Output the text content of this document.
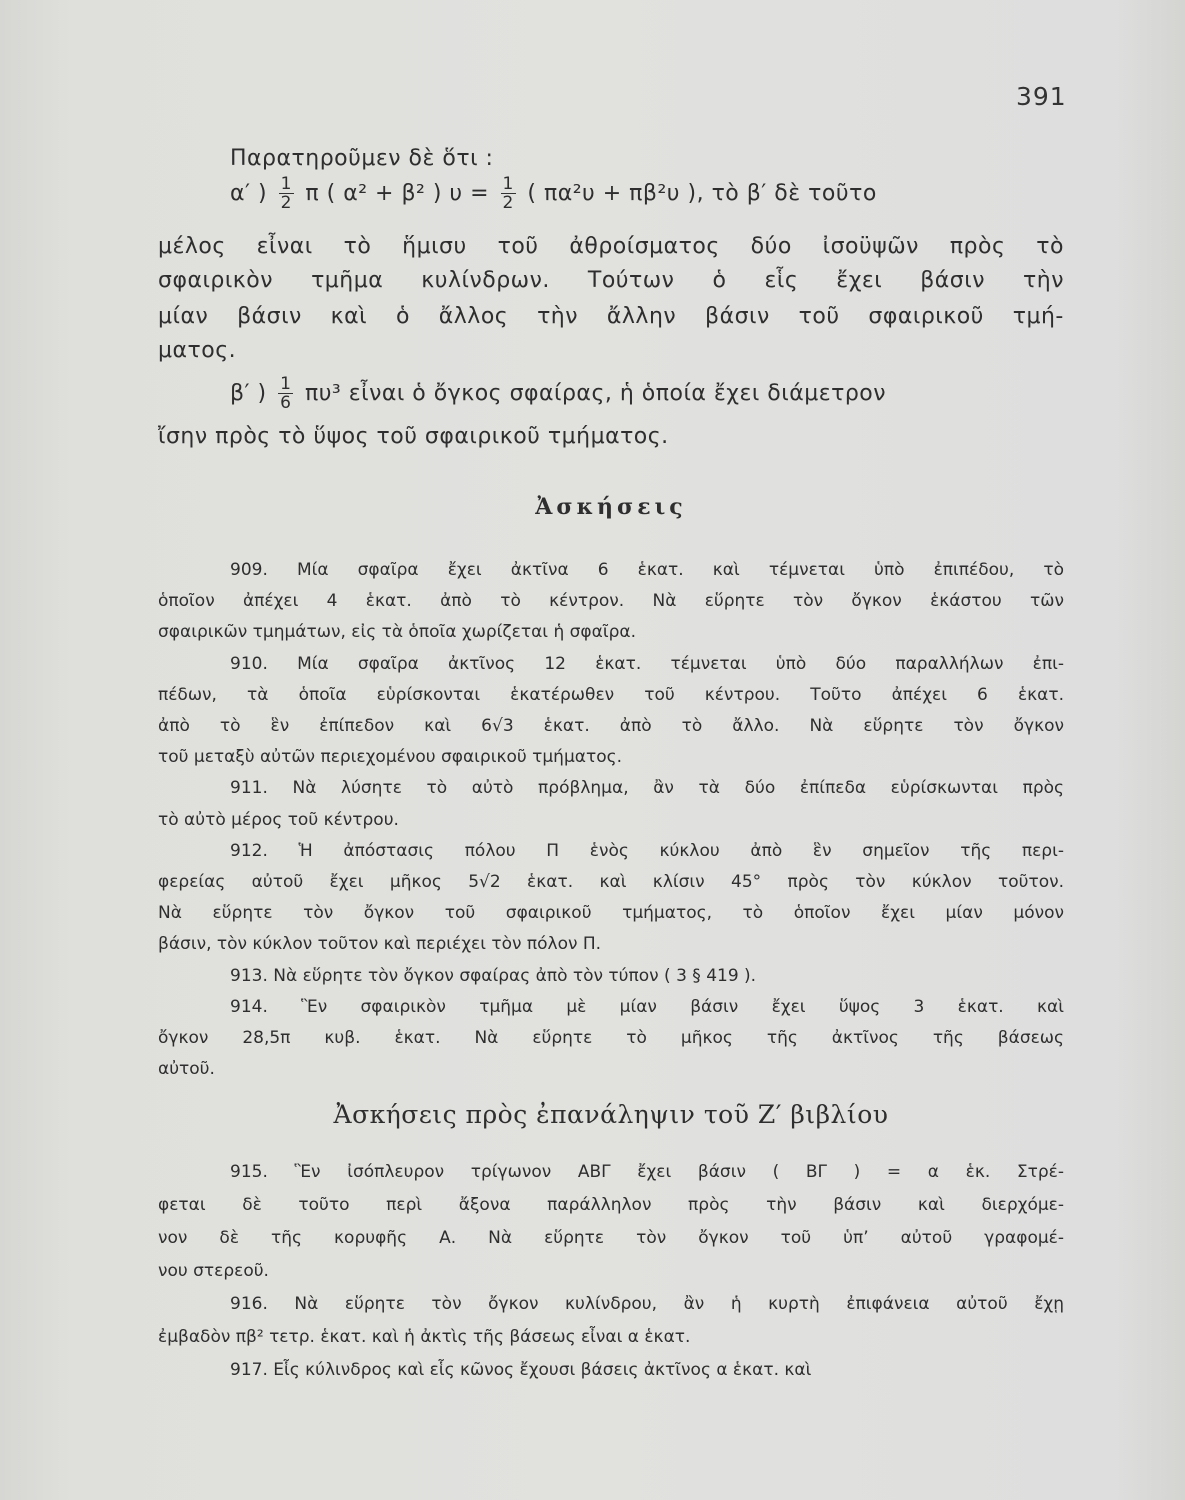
391
Παρατηροῦμεν δὲ ὅτι :
α′ ) $\frac{1}{2}$ π ( α² + β² ) $\upsilon = \frac{1}{2}$ ( πα²υ + πβ²υ ), τὸ β′ δὲ τοῦτο
μέλος εἶναι τὸ ἥμισυ τοῦ ἀθροίσματος δύο ἰσοϋψῶν πρὸς τὸ
σφαιρικὸν τμῆμα κυλίνδρων. Τούτων ὁ εἷς ἔχει βάσιν τὴν
μίαν βάσιν καὶ ὁ ἄλλος τὴν ἄλλην βάσιν τοῦ σφαιρικοῦ τμή-
ματος.
β′ ) $\frac{1}{6} \pi\upsilon^3$ εἶναι ὁ ὄγκος σφαίρας, ἡ ὁποία ἔχει διάμετρον
ἴσην πρὸς τὸ ὕψος τοῦ σφαιρικοῦ τμήματος.
Ἀσκήσεις
909. Μία σφαῖρα ἔχει ἀκτῖνα 6 ἑκατ. καὶ τέμνεται ὑπὸ ἐπιπέδου, τὸ
ὁποῖον ἀπέχει 4 ἑκατ. ἀπὸ τὸ κέντρον. Νὰ εὕρητε τὸν ὄγκον ἑκάστου τῶν
σφαιρικῶν τμημάτων, εἰς τὰ ὁποῖα χωρίζεται ἡ σφαῖρα.
910. Μία σφαῖρα ἀκτῖνος 12 ἑκατ. τέμνεται ὑπὸ δύο παραλλήλων ἐπι-
πέδων, τὰ ὁποῖα εὑρίσκονται ἑκατέρωθεν τοῦ κέντρου. Τοῦτο ἀπέχει 6 ἑκατ.
ἀπὸ τὸ ἓν ἐπίπεδον καὶ 6√3 ἑκατ. ἀπὸ τὸ ἄλλο. Νὰ εὕρητε τὸν ὄγκον
τοῦ μεταξὺ αὐτῶν περιεχομένου σφαιρικοῦ τμήματος.
911. Νὰ λύσητε τὸ αὐτὸ πρόβλημα, ἂν τὰ δύο ἐπίπεδα εὑρίσκωνται πρὸς
τὸ αὐτὸ μέρος τοῦ κέντρου.
912. Ἡ ἀπόστασις πόλου Π ἑνὸς κύκλου ἀπὸ ἓν σημεῖον τῆς περι-
φερείας αὐτοῦ ἔχει μῆκος 5√2 ἑκατ. καὶ κλίσιν 45° πρὸς τὸν κύκλον τοῦτον.
Νὰ εὕρητε τὸν ὄγκον τοῦ σφαιρικοῦ τμήματος, τὸ ὁποῖον ἔχει μίαν μόνον
βάσιν, τὸν κύκλον τοῦτον καὶ περιέχει τὸν πόλον Π.
913. Νὰ εὕρητε τὸν ὄγκον σφαίρας ἀπὸ τὸν τύπον ( 3 § 419 ).
914. Ἓν σφαιρικὸν τμῆμα μὲ μίαν βάσιν ἔχει ὕψος 3 ἑκατ. καὶ
ὄγκον 28,5π κυβ. ἑκατ. Νὰ εὕρητε τὸ μῆκος τῆς ἀκτῖνος τῆς βάσεως
αὐτοῦ.
Ἀσκήσεις πρὸς ἐπανάληψιν τοῦ Ζ′ βιβλίου
915. Ἓν ἰσόπλευρον τρίγωνον ΑΒΓ ἔχει βάσιν ( ΒΓ ) = α ἑκ. Στρέ-
φεται δὲ τοῦτο περὶ ἄξονα παράλληλον πρὸς τὴν βάσιν καὶ διερχόμε-
νον δὲ τῆς κορυφῆς Α. Νὰ εὕρητε τὸν ὄγκον τοῦ ὑπ’ αὐτοῦ γραφομέ-
νου στερεοῦ.
916. Νὰ εὕρητε τὸν ὄγκον κυλίνδρου, ἂν ἡ κυρτὴ ἐπιφάνεια αὐτοῦ ἔχῃ
ἐμβαδὸν πβ² τετρ. ἑκατ. καὶ ἡ ἀκτὶς τῆς βάσεως εἶναι α ἑκατ.
917. Εἷς κύλινδρος καὶ εἷς κῶνος ἔχουσι βάσεις ἀκτῖνος α ἑκατ. καὶ
